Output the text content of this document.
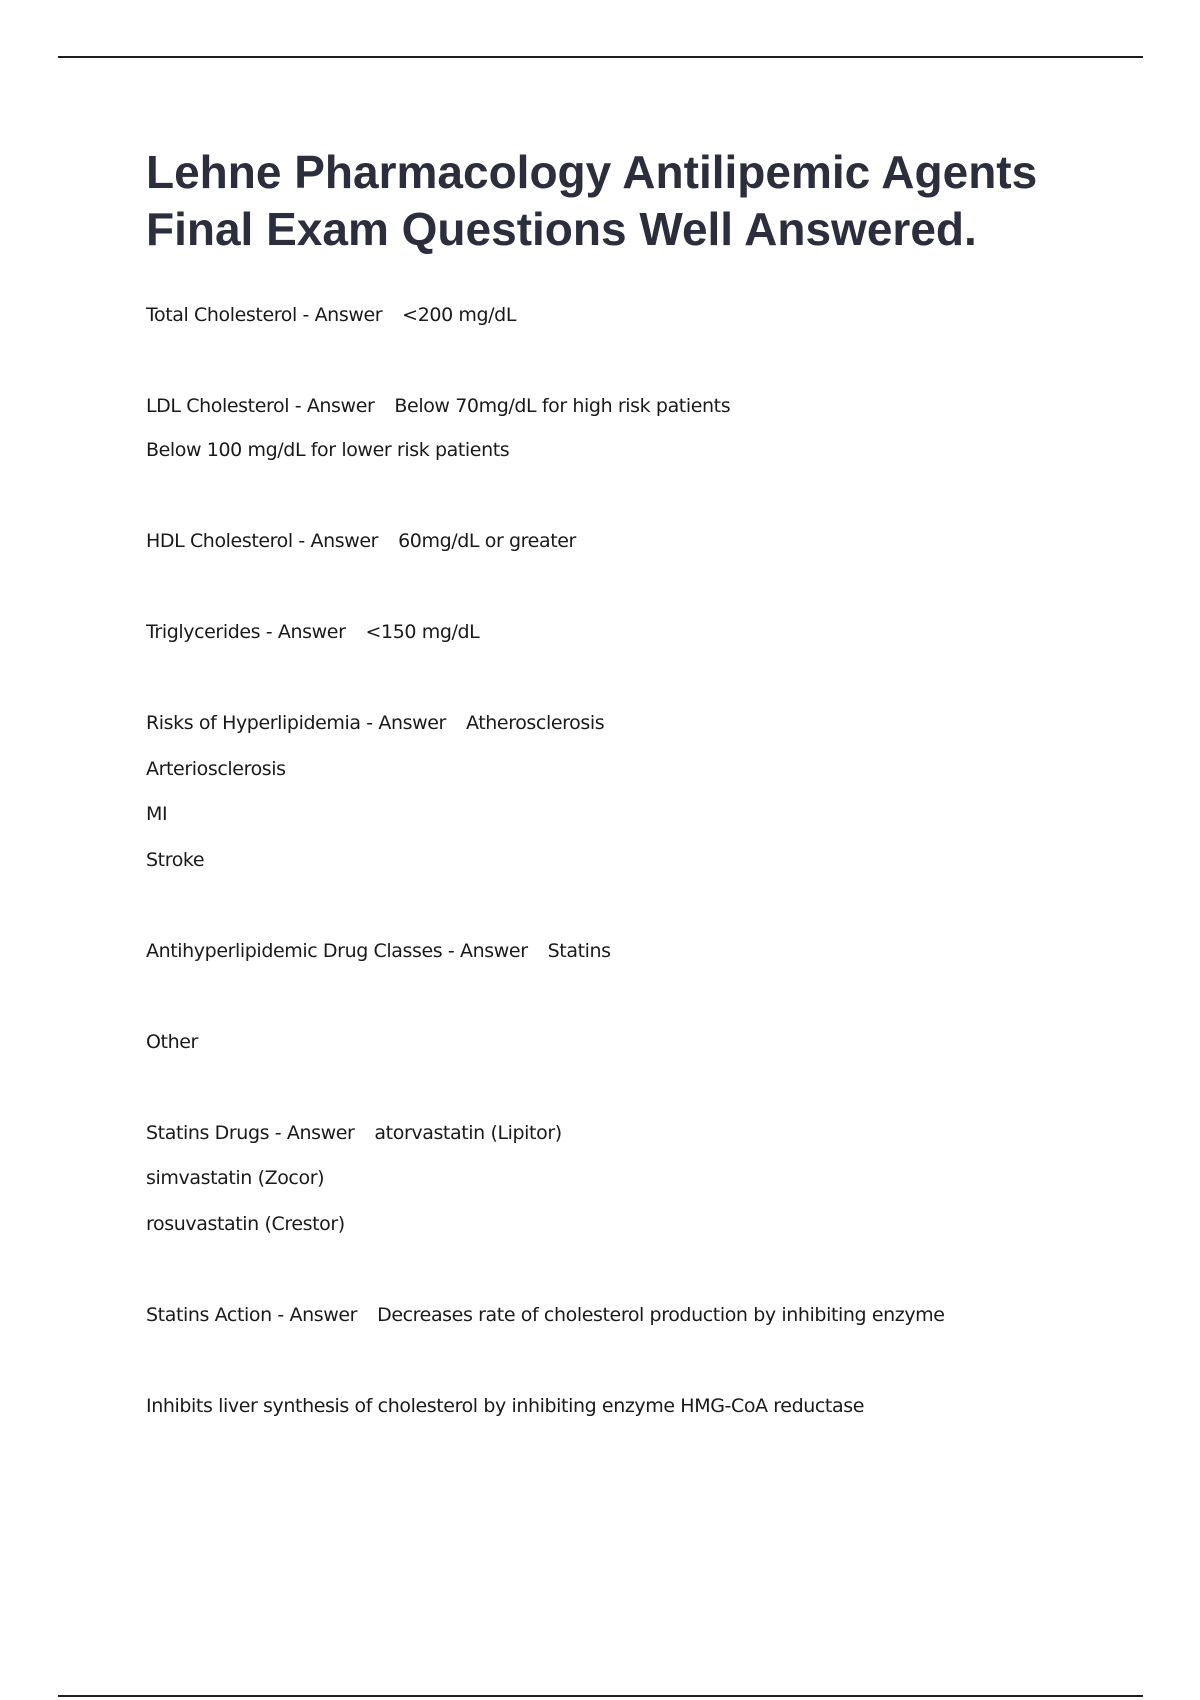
Lehne Pharmacology Antilipemic Agents
Final Exam Questions Well Answered.
Total Cholesterol - Answer <200 mg/dL
LDL Cholesterol - Answer Below 70mg/dL for high risk patients
Below 100 mg/dL for lower risk patients
HDL Cholesterol - Answer 60mg/dL or greater
Triglycerides - Answer <150 mg/dL
Risks of Hyperlipidemia - Answer Atherosclerosis
Arteriosclerosis
MI
Stroke
Antihyperlipidemic Drug Classes - Answer Statins
Other
Statins Drugs - Answer atorvastatin (Lipitor)
simvastatin (Zocor)
rosuvastatin (Crestor)
Statins Action - Answer Decreases rate of cholesterol production by inhibiting enzyme
Inhibits liver synthesis of cholesterol by inhibiting enzyme HMG-CoA reductase
